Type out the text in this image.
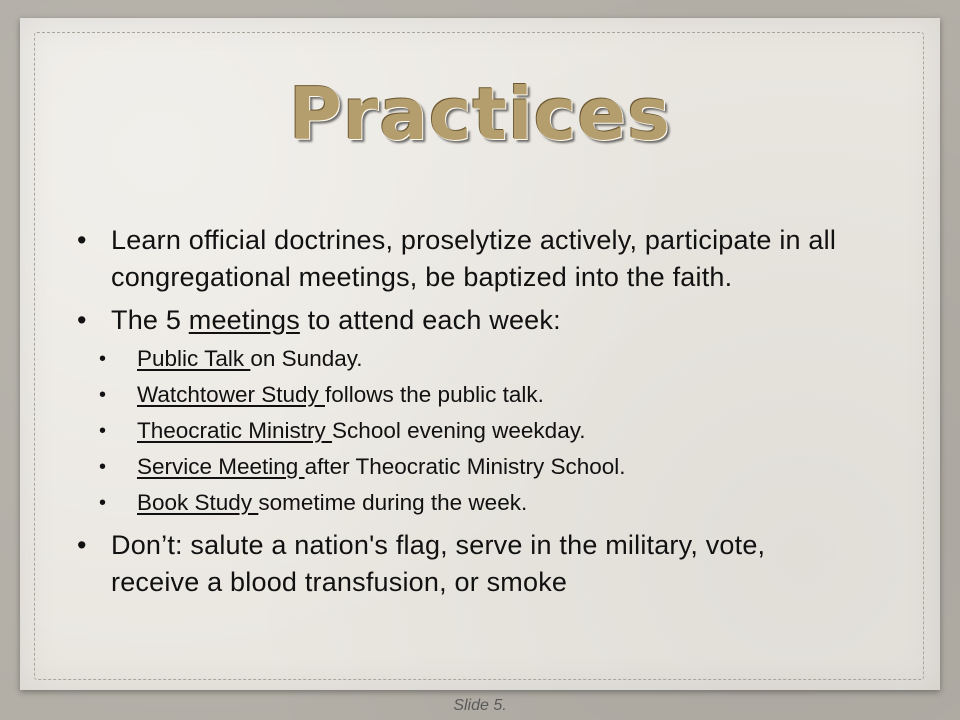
Practices
• Learn official doctrines, proselytize actively, participate in all congregational meetings, be baptized into the faith.
• The 5 meetings to attend each week:
• Public Talk on Sunday.
• Watchtower Study follows the public talk.
• Theocratic Ministry School evening weekday.
• Service Meeting after Theocratic Ministry School.
• Book Study sometime during the week.
• Don’t: salute a nation's flag, serve in the military, vote, receive a blood transfusion, or smoke
Slide 5.
